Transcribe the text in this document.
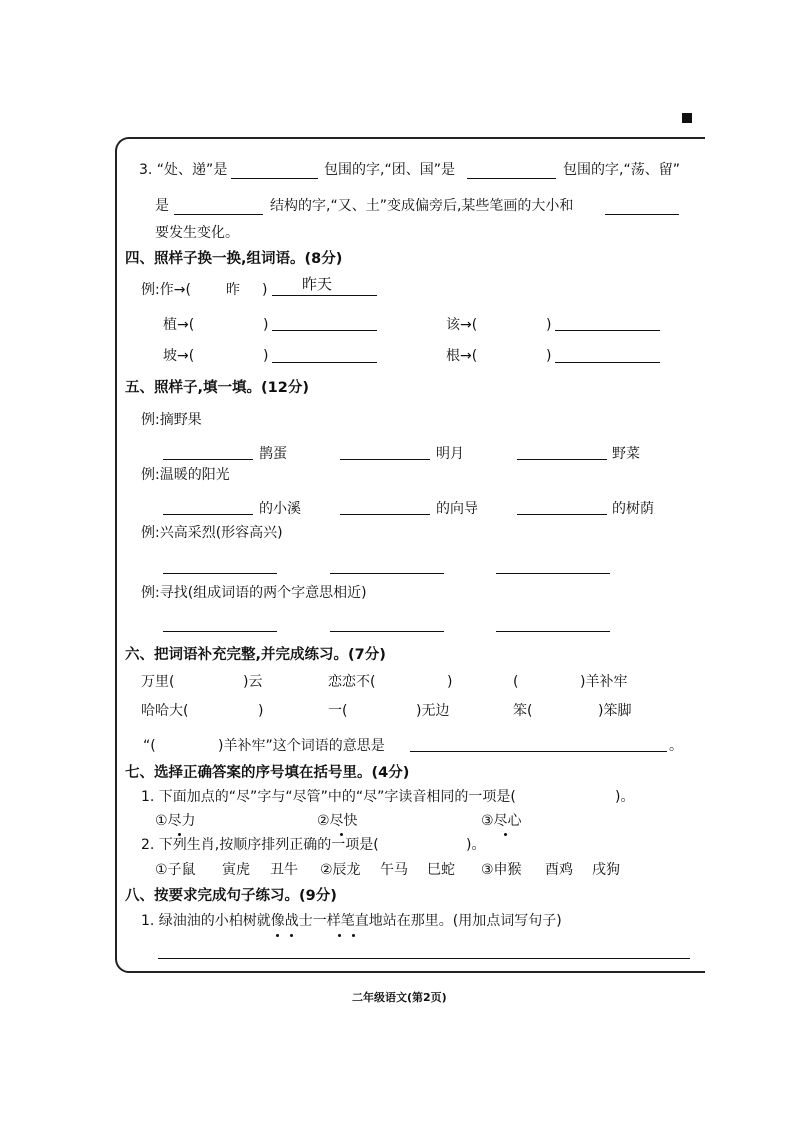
3. “处、递”是	包围的字,“团、国”是	包围的字,“荡、留”
是	结构的字,“又、土”变成偏旁后,某些笔画的大小和
要发生变化。
四、照样子换一换,组词语。(8分)
例:作→(	昨 ) 昨天
植→(	)	该→(	)
坡→(	)	根→(	)
五、照样子,填一填。(12分)
例:摘野果
鹊蛋	明月	野菜
例:温暖的阳光
的小溪	的向导	的树荫
例:兴高采烈(形容高兴)
例:寻找(组成词语的两个字意思相近)
六、把词语补充完整,并完成练习。(7分)
万里(	)云	恋恋不(	)	(	)羊补牢
哈哈大(	)	一(	)无边	笨(	)笨脚
“(	)羊补牢”这个词语的意思是	。
七、选择正确答案的序号填在括号里。(4分)
1. 下面加点的“尽”字与“尽管”中的“尽”字读音相同的一项是(	)。
①尽力	②尽快	③尽心
2. 下列生肖,按顺序排列正确的一项是(	)。
①子鼠 寅虎 丑牛 ②辰龙 午马 巳蛇 ③申猴 酉鸡 戌狗
八、按要求完成句子练习。(9分)
1. 绿油油的小柏树就像战士一样笔直地站在那里。(用加点词写句子)
二年级语文(第2页)
